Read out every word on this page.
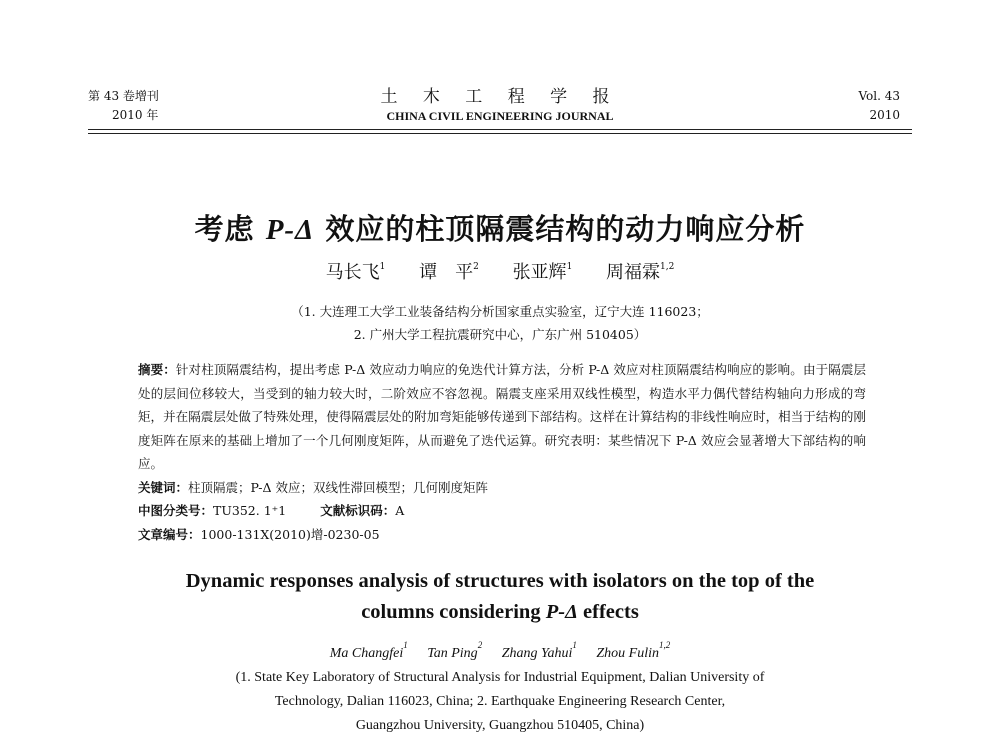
第 43 卷增刊
2010 年
土 木 工 程 学 报
CHINA CIVIL ENGINEERING JOURNAL
Vol. 43
2010
考虑 P-Δ 效应的柱顶隔震结构的动力响应分析
马长飞$^1$ 谭　平$^2$ 张亚辉$^1$ 周福霖$^{1,2}$
（1. 大连理工大学工业装备结构分析国家重点实验室，辽宁大连 116023；
2. 广州大学工程抗震研究中心，广东广州 510405）

摘要：针对柱顶隔震结构，提出考虑 P-Δ 效应动力响应的免迭代计算方法，分析 P-Δ 效应对柱顶隔震结构响应的影响。由于隔震层处的层间位移较大，当受到的轴力较大时，二阶效应不容忽视。隔震支座采用双线性模型，构造水平力偶代替结构轴向力形成的弯矩，并在隔震层处做了特殊处理，使得隔震层处的附加弯矩能够传递到下部结构。这样在计算结构的非线性响应时，相当于结构的刚度矩阵在原来的基础上增加了一个几何刚度矩阵，从而避免了迭代运算。研究表明：某些情况下 P-Δ 效应会显著增大下部结构的响应。

关键词：柱顶隔震；P-Δ 效应；双线性滞回模型；几何刚度矩阵

中图分类号：TU352. 1⁺1	文献标识码：A

文章编号：1000-131X(2010)增-0230-05

Dynamic responses analysis of structures with isolators on the top of the
columns considering P-Δ effects
Ma Changfei$^1$ Tan Ping$^2$ Zhang Yahui$^1$ Zhou Fulin$^{1,2}$
(1. State Key Laboratory of Structural Analysis for Industrial Equipment, Dalian University of
Technology, Dalian 116023, China; 2. Earthquake Engineering Research Center,
Guangzhou University, Guangzhou 510405, China)
